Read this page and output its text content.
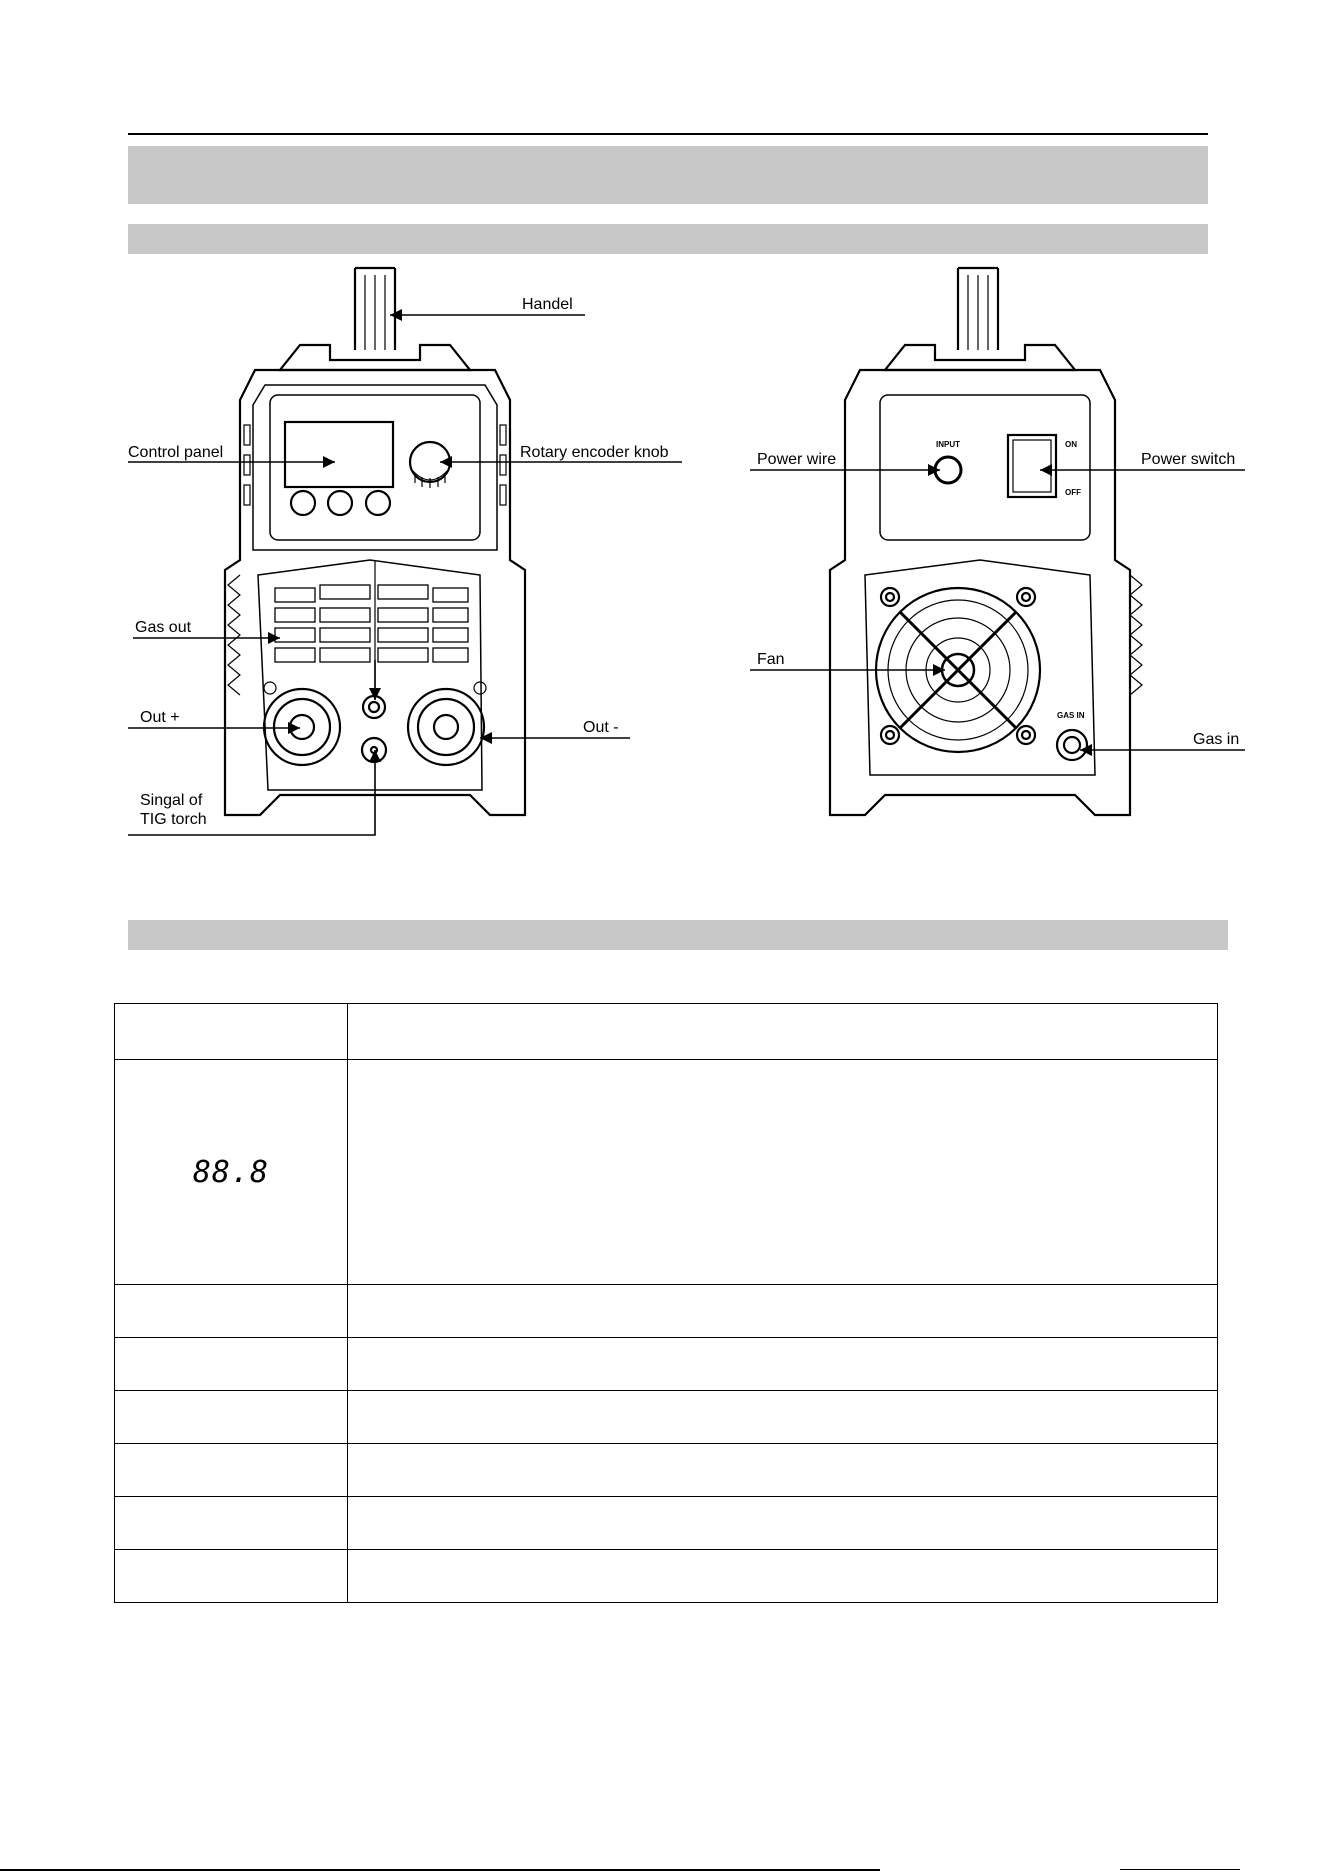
Handel
Control panel	Rotary encoder knob
Gas out
Out +
Out -
Singal of
TIG torch
Power wire	Power switch
Fan
Gas in
INPUT	ON
OFF
GAS IN

88.8	
